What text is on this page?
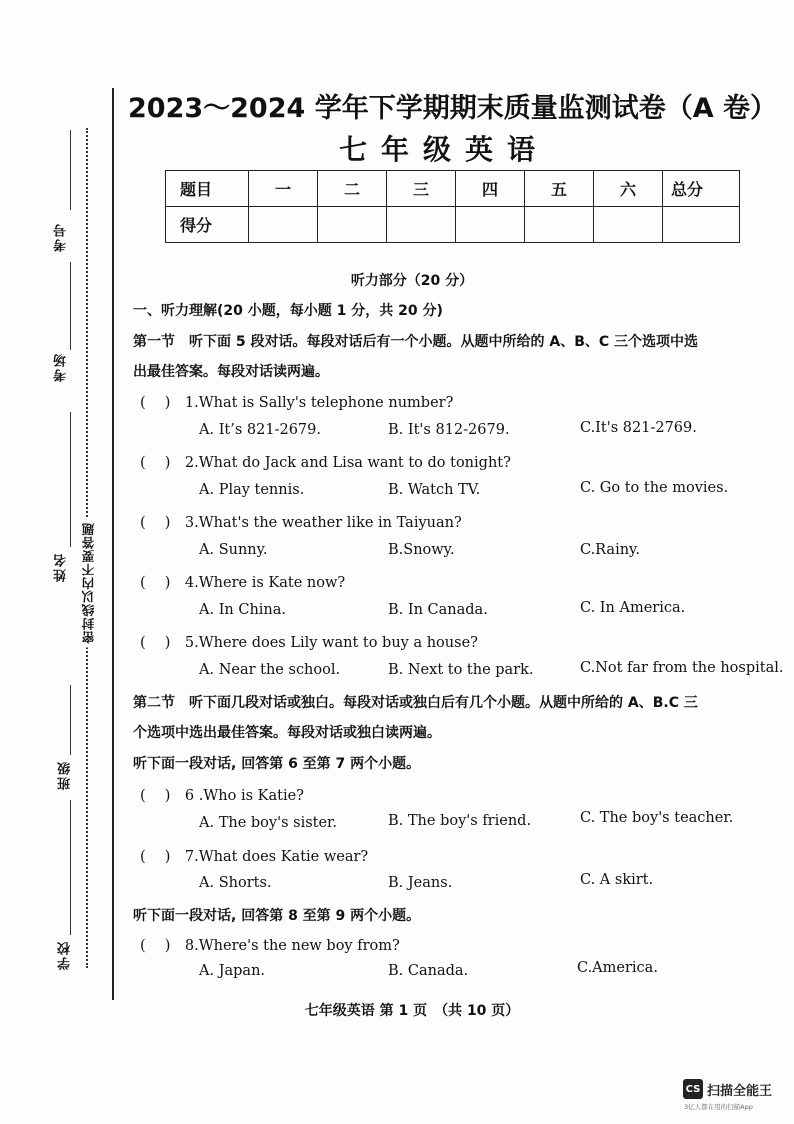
考号
考场
姓名 密封线以内不要答题
班级
学校
2023～2024 学年下学期期末质量监测试卷（A 卷）
七年级英语
题目	一	二	三	四	五	六	总分
得分							
听力部分（20 分）
一、听力理解(20 小题，每小题 1 分，共 20 分)
第一节　听下面 5 段对话。每段对话后有一个小题。从题中所给的 A、B、C 三个选项中选
出最佳答案。每段对话读两遍。
(　 )　1.What is Sally's telephone number?
A. It’s 821-2679.	B. It's 812-2679.	C.It's 821-2769.
(　 )　2.What do Jack and Lisa want to do tonight?
A. Play tennis.	B. Watch TV.	C. Go to the movies.
(　 )　3.What's the weather like in Taiyuan?
A. Sunny.	B.Snowy.	C.Rainy.
(　 )　4.Where is Kate now?
A. In China.	B. In Canada.	C. In America.
(　 )　5.Where does Lily want to buy a house?
A. Near the school.	B. Next to the park.	C.Not far from the hospital.
第二节　听下面几段对话或独白。每段对话或独白后有几个小题。从题中所给的 A、B.C 三
个选项中选出最佳答案。每段对话或独白读两遍。
听下面一段对话, 回答第 6 至第 7 两个小题。
(　 )　6 .Who is Katie?
A. The boy's sister.	B. The boy's friend.	C. The boy's teacher.
(　 )　7.What does Katie wear?
A. Shorts.	B. Jeans.	C. A skirt.
听下面一段对话, 回答第 8 至第 9 两个小题。
(　 )　8.Where's the new boy from?
A. Japan.	B. Canada.	C.America.
七年级英语 第 1 页　（共 10 页）
CS 扫描全能王
3亿人都在用的扫描App
